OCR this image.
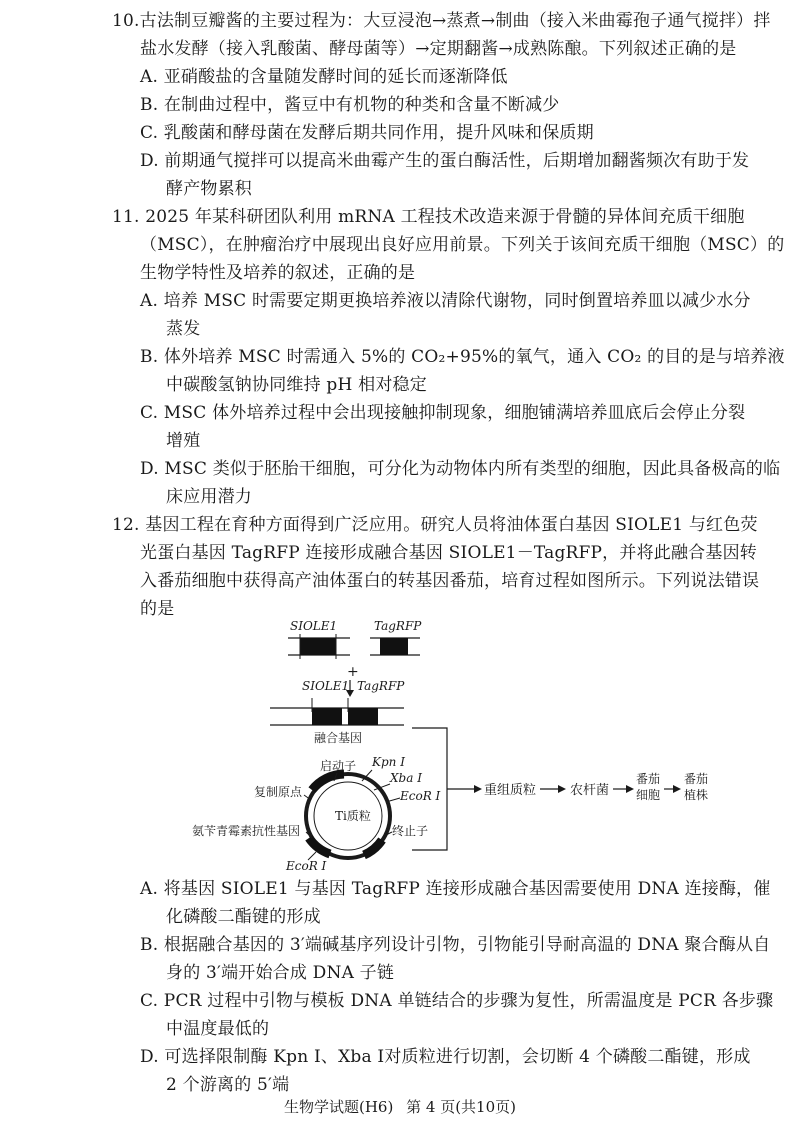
10.古法制豆瓣酱的主要过程为：大豆浸泡→蒸煮→制曲（接入米曲霉孢子通气搅拌）拌
盐水发酵（接入乳酸菌、酵母菌等）→定期翻酱→成熟陈酿。下列叙述正确的是
A. 亚硝酸盐的含量随发酵时间的延长而逐渐降低
B. 在制曲过程中，酱豆中有机物的种类和含量不断减少
C. 乳酸菌和酵母菌在发酵后期共同作用，提升风味和保质期
D. 前期通气搅拌可以提高米曲霉产生的蛋白酶活性，后期增加翻酱频次有助于发
酵产物累积
11. 2025 年某科研团队利用 mRNA 工程技术改造来源于骨髓的异体间充质干细胞
（MSC），在肿瘤治疗中展现出良好应用前景。下列关于该间充质干细胞（MSC）的
生物学特性及培养的叙述，正确的是
A. 培养 MSC 时需要定期更换培养液以清除代谢物，同时倒置培养皿以减少水分
蒸发
B. 体外培养 MSC 时需通入 5%的 CO₂+95%的氧气，通入 CO₂ 的目的是与培养液
中碳酸氢钠协同维持 pH 相对稳定
C. MSC 体外培养过程中会出现接触抑制现象，细胞铺满培养皿底后会停止分裂
增殖
D. MSC 类似于胚胎干细胞，可分化为动物体内所有类型的细胞，因此具备极高的临
床应用潜力
12. 基因工程在育种方面得到广泛应用。研究人员将油体蛋白基因 SIOLE1 与红色荧
光蛋白基因 TagRFP 连接形成融合基因 SIOLE1－TagRFP，并将此融合基因转
入番茄细胞中获得高产油体蛋白的转基因番茄，培育过程如图所示。下列说法错误
的是
SIOLE1	TagRFP
+
SIOLE1 TagRFP
融合基因
Ti质粒
启动子 Kpn Ⅰ
Xba Ⅰ
EcoR Ⅰ
复制原点
氨苄青霉素抗性基因	终止子
EcoR Ⅰ
重组质粒	农杆菌
番茄
细胞
番茄
植株
A. 将基因 SIOLE1 与基因 TagRFP 连接形成融合基因需要使用 DNA 连接酶，催
化磷酸二酯键的形成
B. 根据融合基因的 3′端碱基序列设计引物，引物能引导耐高温的 DNA 聚合酶从自
身的 3′端开始合成 DNA 子链
C. PCR 过程中引物与模板 DNA 单链结合的步骤为复性，所需温度是 PCR 各步骤
中温度最低的
D. 可选择限制酶 Kpn Ⅰ、Xba Ⅰ对质粒进行切割，会切断 4 个磷酸二酯键，形成
2 个游离的 5′端
生物学试题(H6) 第 4 页(共10页)
